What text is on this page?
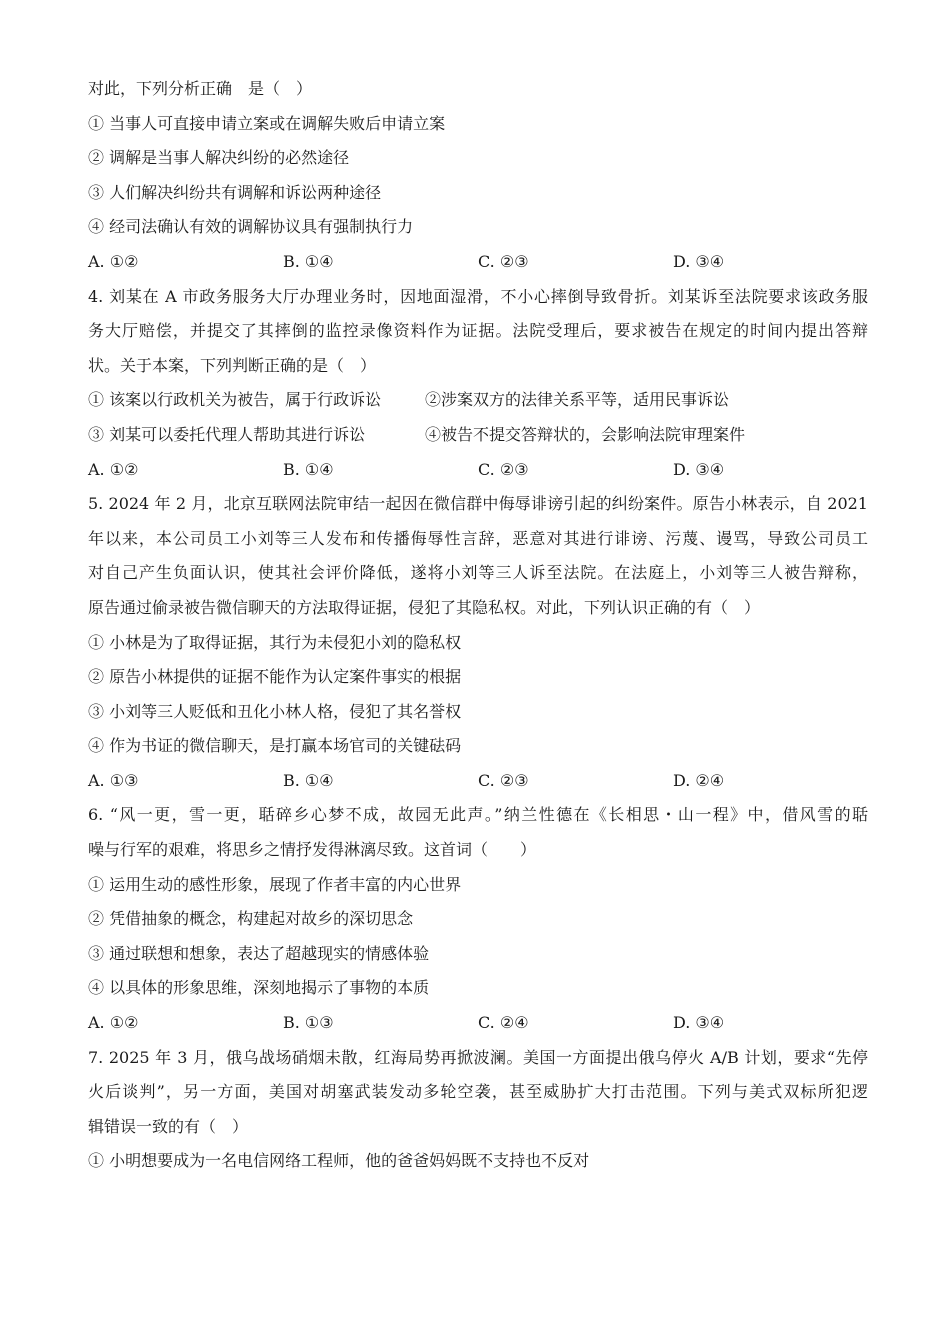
对此，下列分析正确　是（　）
① 当事人可直接申请立案或在调解失败后申请立案
② 调解是当事人解决纠纷的必然途径
③ 人们解决纠纷共有调解和诉讼两种途径
④ 经司法确认有效的调解协议具有强制执行力
A. ①②	B. ①④	C. ②③	D. ③④
4. 刘某在 A 市政务服务大厅办理业务时，因地面湿滑，不小心摔倒导致骨折。刘某诉至法院要求该政务服
务大厅赔偿，并提交了其摔倒的监控录像资料作为证据。法院受理后，要求被告在规定的时间内提出答辩
状。关于本案，下列判断正确的是（　）
① 该案以行政机关为被告，属于行政诉讼	②涉案双方的法律关系平等，适用民事诉讼
③ 刘某可以委托代理人帮助其进行诉讼	④被告不提交答辩状的，会影响法院审理案件
A. ①②	B. ①④	C. ②③	D. ③④
5. 2024 年 2 月，北京互联网法院审结一起因在微信群中侮辱诽谤引起的纠纷案件。原告小林表示，自 2021
年以来，本公司员工小刘等三人发布和传播侮辱性言辞，恶意对其进行诽谤、污蔑、谩骂，导致公司员工
对自己产生负面认识，使其社会评价降低，遂将小刘等三人诉至法院。在法庭上，小刘等三人被告辩称，
原告通过偷录被告微信聊天的方法取得证据，侵犯了其隐私权。对此，下列认识正确的有（　）
① 小林是为了取得证据，其行为未侵犯小刘的隐私权
② 原告小林提供的证据不能作为认定案件事实的根据
③ 小刘等三人贬低和丑化小林人格，侵犯了其名誉权
④ 作为书证的微信聊天，是打赢本场官司的关键砝码
A. ①③	B. ①④	C. ②③	D. ②④
6. “风一更，雪一更，聒碎乡心梦不成，故园无此声。”纳兰性德在《长相思・山一程》中，借风雪的聒
噪与行军的艰难，将思乡之情抒发得淋漓尽致。这首词（　　）
① 运用生动的感性形象，展现了作者丰富的内心世界
② 凭借抽象的概念，构建起对故乡的深切思念
③ 通过联想和想象，表达了超越现实的情感体验
④ 以具体的形象思维，深刻地揭示了事物的本质
A. ①②	B. ①③	C. ②④	D. ③④
7. 2025 年 3 月，俄乌战场硝烟未散，红海局势再掀波澜。美国一方面提出俄乌停火 A/B 计划，要求“先停
火后谈判”，另一方面，美国对胡塞武装发动多轮空袭，甚至威胁扩大打击范围。下列与美式双标所犯逻
辑错误一致的有（　）
① 小明想要成为一名电信网络工程师，他的爸爸妈妈既不支持也不反对
